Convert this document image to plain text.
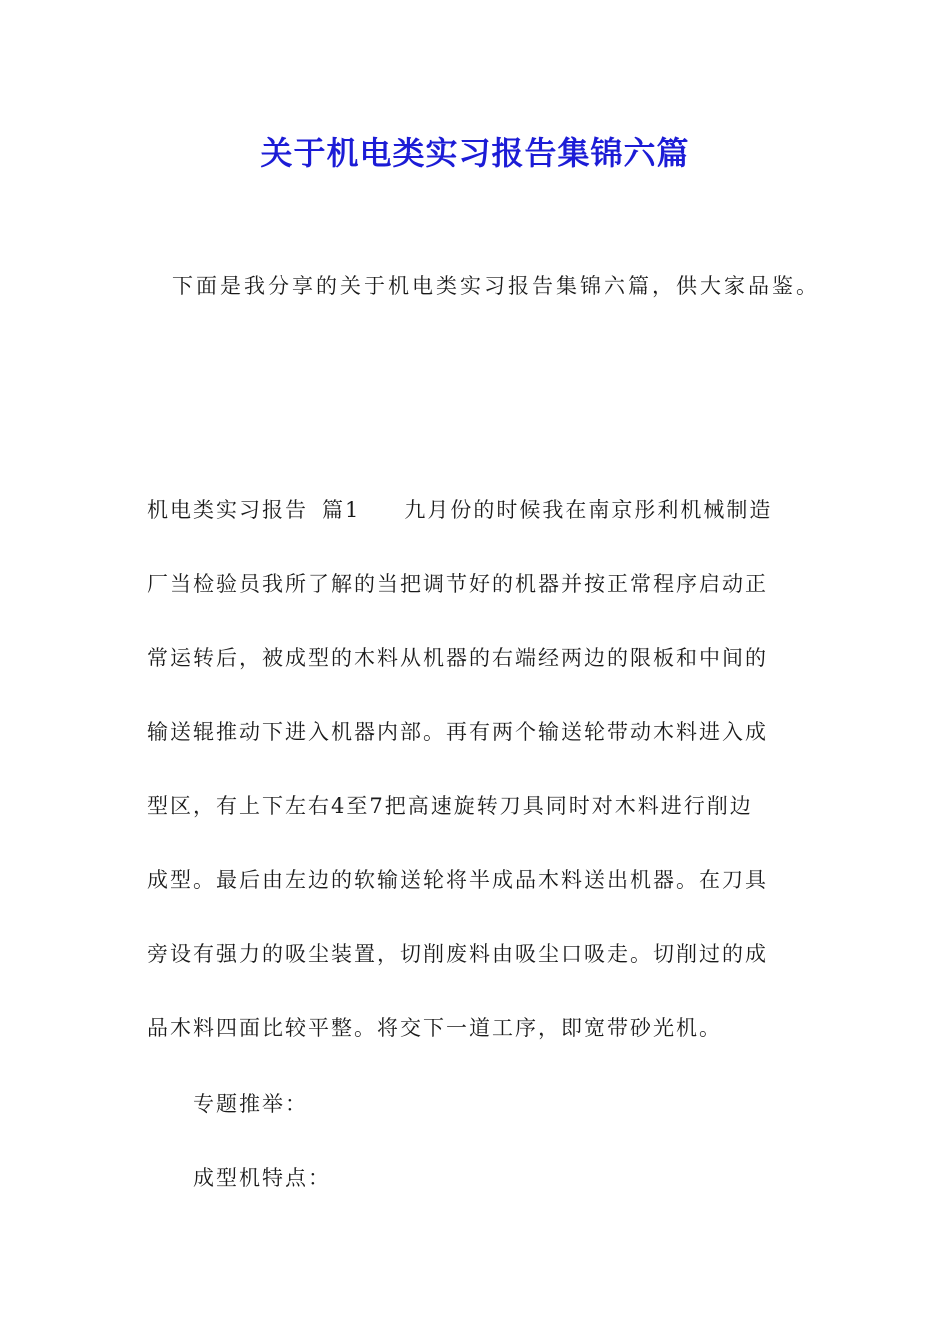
关于机电类实习报告集锦六篇
下面是我分享的关于机电类实习报告集锦六篇，供大家品鉴。
机电类实习报告 篇1 九月份的时候我在南京彤利机械制造
厂当检验员我所了解的当把调节好的机器并按正常程序启动正
常运转后，被成型的木料从机器的右端经两边的限板和中间的
输送辊推动下进入机器内部。再有两个输送轮带动木料进入成
型区，有上下左右4至7把高速旋转刀具同时对木料进行削边
成型。最后由左边的软输送轮将半成品木料送出机器。在刀具
旁设有强力的吸尘装置，切削废料由吸尘口吸走。切削过的成
品木料四面比较平整。将交下一道工序，即宽带砂光机。
专题推举：
成型机特点：
